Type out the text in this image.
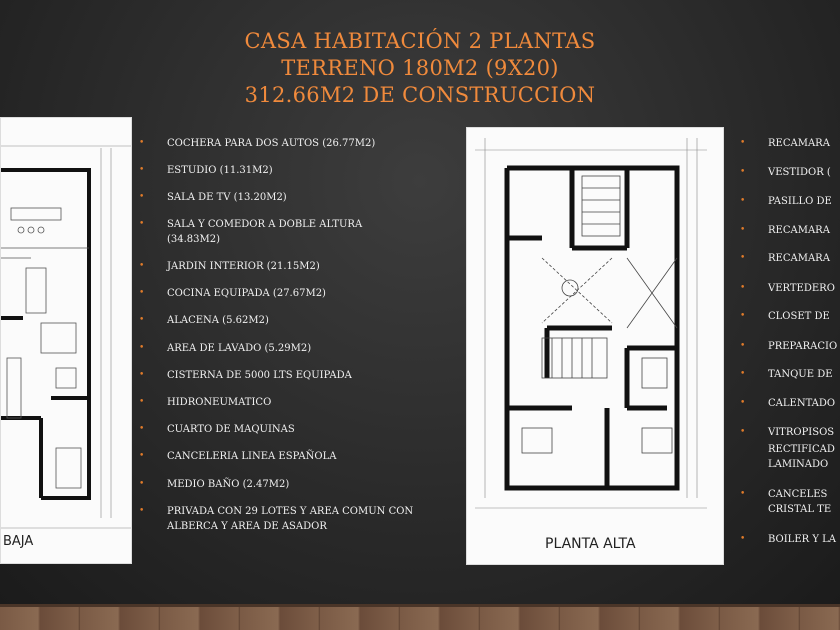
CASA HABITACIÓN 2 PLANTAS
TERRENO 180M2 (9X20)
312.66M2 DE CONSTRUCCION
BAJA	PLANTA ALTA
• COCHERA PARA DOS AUTOS (26.77M2)
• ESTUDIO (11.31M2)
• SALA DE TV (13.20M2)
• SALA Y COMEDOR A DOBLE ALTURA
(34.83M2)
• JARDIN INTERIOR (21.15M2)
• COCINA EQUIPADA (27.67M2)
• ALACENA (5.62M2)
• AREA DE LAVADO (5.29M2)
• CISTERNA DE 5000 LTS EQUIPADA
• HIDRONEUMATICO
• CUARTO DE MAQUINAS
• CANCELERIA LINEA ESPAÑOLA
• MEDIO BAÑO (2.47M2)
• PRIVADA CON 29 LOTES Y AREA COMUN CON
ALBERCA Y AREA DE ASADOR
• RECAMARA
• VESTIDOR (
• PASILLO DE
• RECAMARA
• RECAMARA
• VERTEDERO
• CLOSET DE
• PREPARACIO
• TANQUE DE
• CALENTADO
• VITROPISOS
RECTIFICAD
LAMINADO
• CANCELES
CRISTAL TE
• BOILER Y LA
